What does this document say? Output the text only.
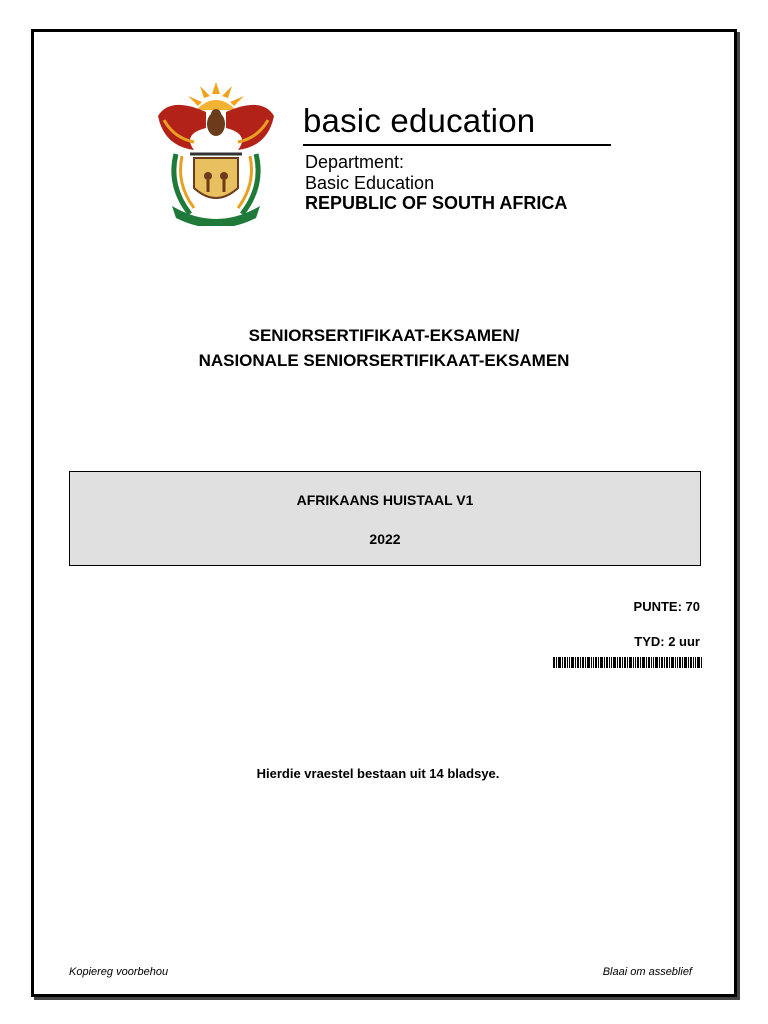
basic education
Department:
Basic Education
REPUBLIC OF SOUTH AFRICA
SENIORSERTIFIKAAT-EKSAMEN/
NASIONALE SENIORSERTIFIKAAT-EKSAMEN
AFRIKAANS HUISTAAL V1
2022
PUNTE: 70
TYD: 2 uur
Hierdie vraestel bestaan uit 14 bladsye.
Kopiereg voorbehou	Blaai om asseblief
